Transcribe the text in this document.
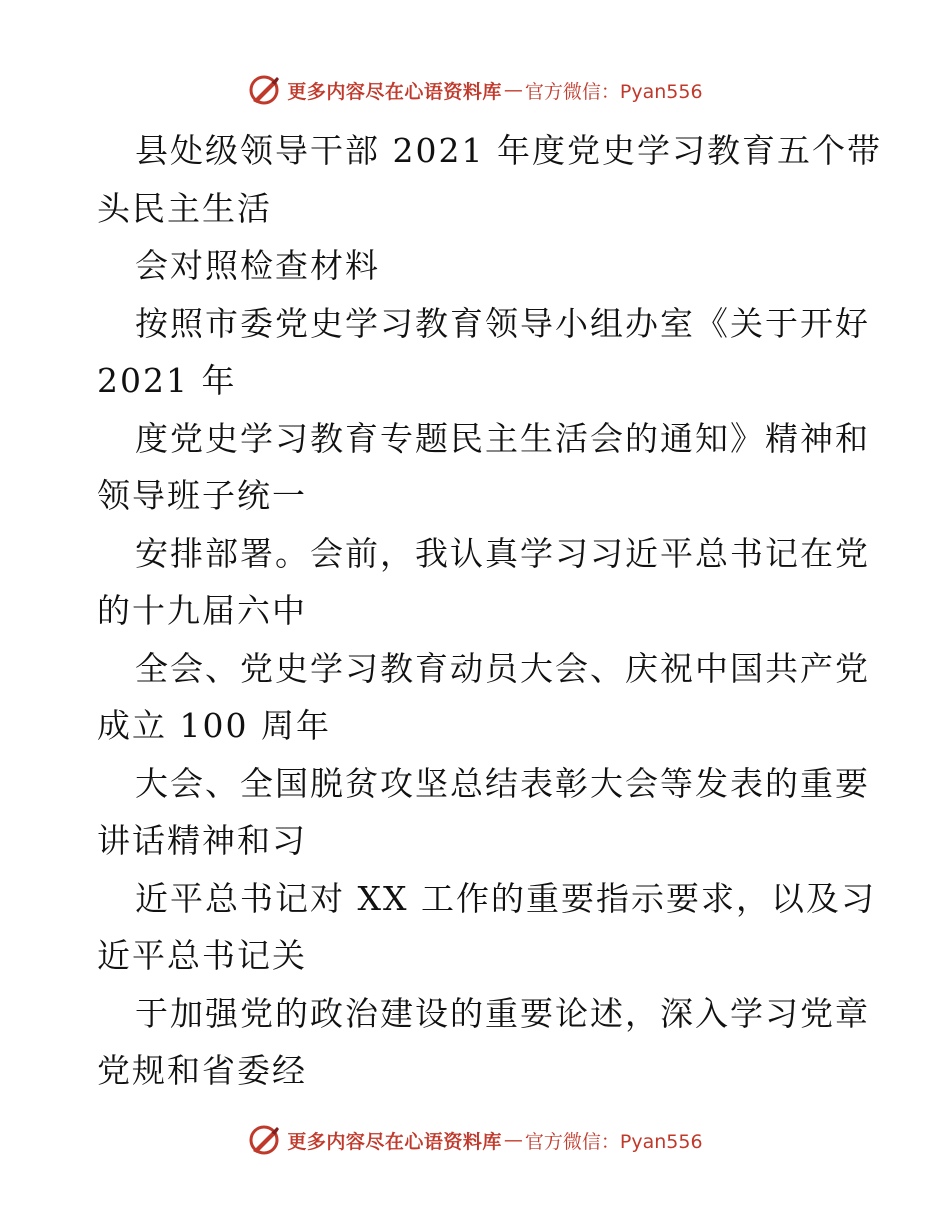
更多内容尽在心语资料库 — 官方微信：Pyan556
县处级领导干部 2021 年度党史学习教育五个带
头民主生活
会对照检查材料
按照市委党史学习教育领导小组办室《关于开好
2021 年
度党史学习教育专题民主生活会的通知》精神和
领导班子统一
安排部署。会前，我认真学习习近平总书记在党
的十九届六中
全会、党史学习教育动员大会、庆祝中国共产党
成立 100 周年
大会、全国脱贫攻坚总结表彰大会等发表的重要
讲话精神和习
近平总书记对 XX 工作的重要指示要求，以及习
近平总书记关
于加强党的政治建设的重要论述，深入学习党章
党规和省委经
更多内容尽在心语资料库 — 官方微信：Pyan556
